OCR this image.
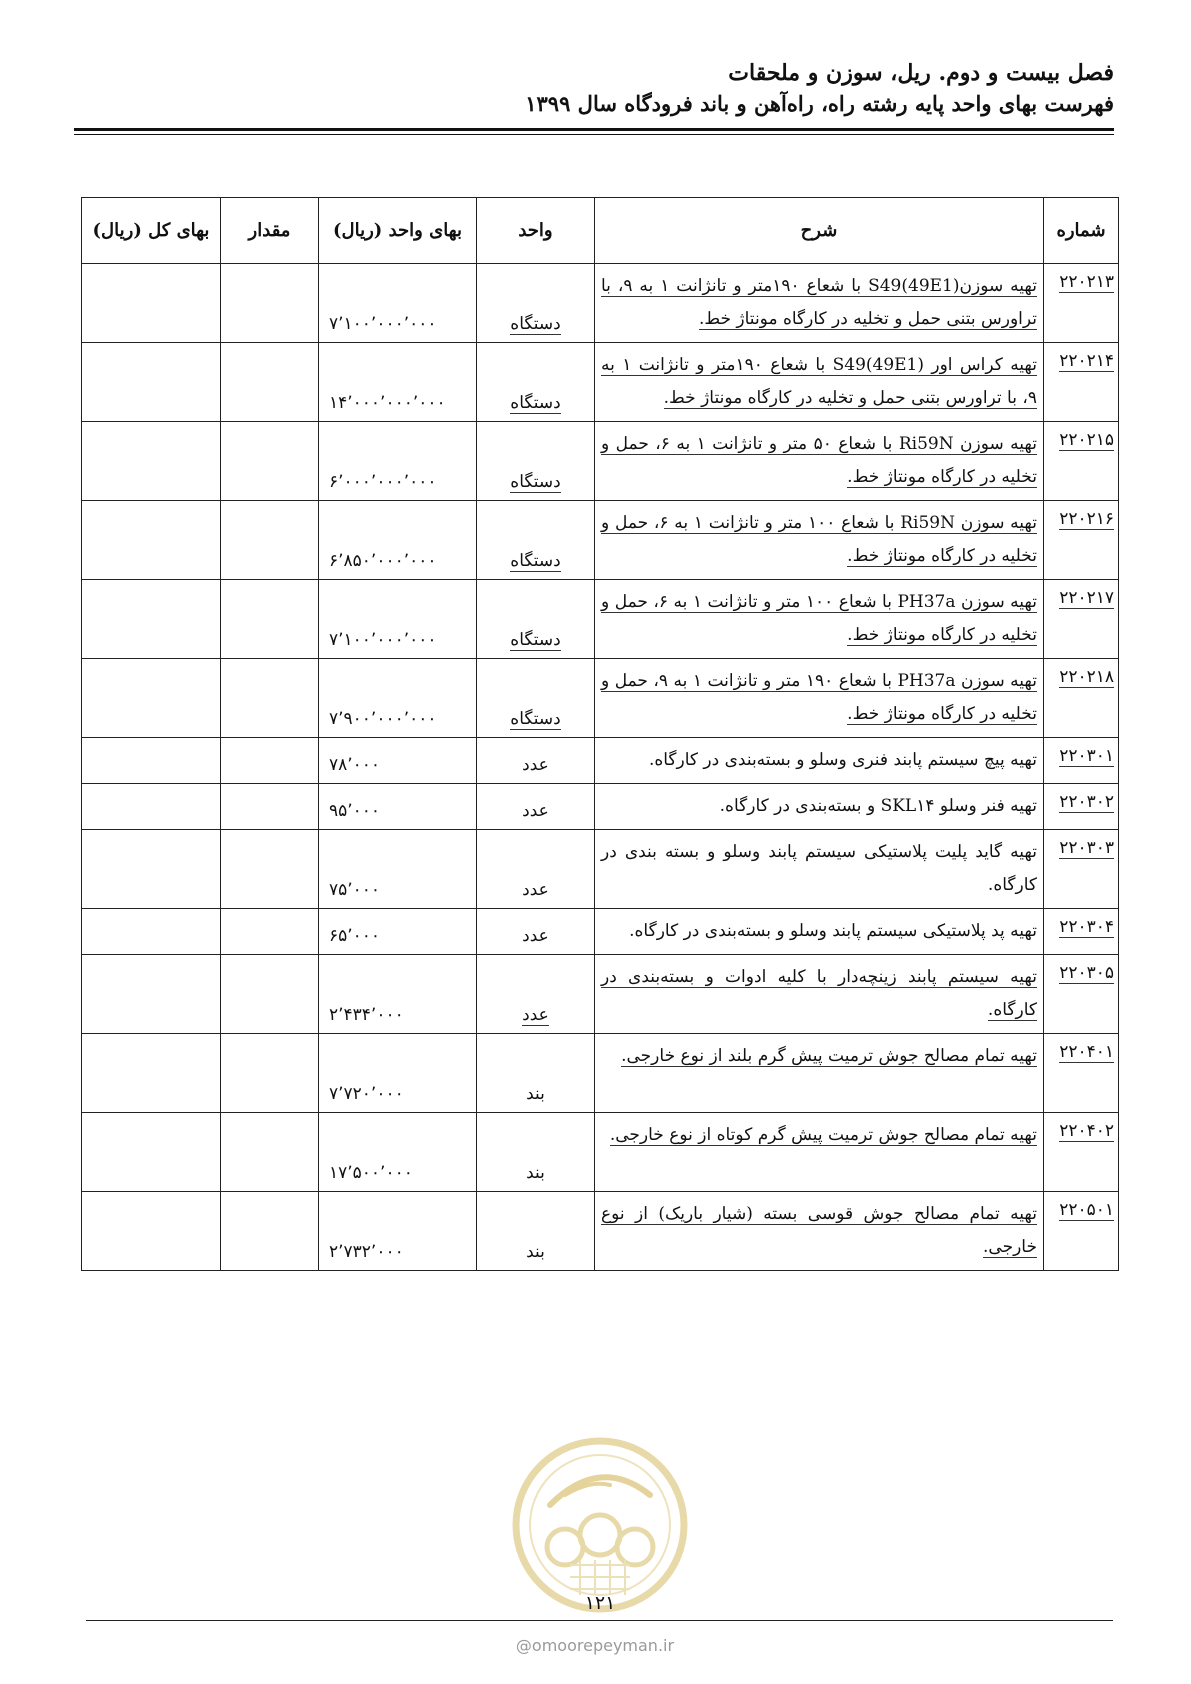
فصل بیست و دوم. ریل، سوزن و ملحقات
فهرست بهای واحد پایه رشته راه، راه‌آهن و باند فرودگاه سال ۱۳۹۹
شماره	شرح	واحد	بهای واحد (ریال)	مقدار	بهای کل (ریال)
۲۲۰۲۱۳	تهیه سوزن(S49(49E1 با شعاع ۱۹۰متر و تانژانت ۱ به ۹، با تراورس بتنی حمل و تخلیه در کارگاه مونتاژ خط.	دستگاه	۷٬۱۰۰٬۰۰۰٬۰۰۰		
۲۲۰۲۱۴	تهیه کراس اور (S49(49E1 با شعاع ۱۹۰متر و تانژانت ۱ به ۹، با تراورس بتنی حمل و تخلیه در کارگاه مونتاژ خط.	دستگاه	۱۴٬۰۰۰٬۰۰۰٬۰۰۰		
۲۲۰۲۱۵	تهیه سوزن Ri59N با شعاع ۵۰ متر و تانژانت ۱ به ۶، حمل و تخلیه در کارگاه مونتاژ خط.	دستگاه	۶٬۰۰۰٬۰۰۰٬۰۰۰		
۲۲۰۲۱۶	تهیه سوزن Ri59N با شعاع ۱۰۰ متر و تانژانت ۱ به ۶، حمل و تخلیه در کارگاه مونتاژ خط.	دستگاه	۶٬۸۵۰٬۰۰۰٬۰۰۰		
۲۲۰۲۱۷	تهیه سوزن PH37a با شعاع ۱۰۰ متر و تانژانت ۱ به ۶، حمل و تخلیه در کارگاه مونتاژ خط.	دستگاه	۷٬۱۰۰٬۰۰۰٬۰۰۰		
۲۲۰۲۱۸	تهیه سوزن PH37a با شعاع ۱۹۰ متر و تانژانت ۱ به ۹، حمل و تخلیه در کارگاه مونتاژ خط.	دستگاه	۷٬۹۰۰٬۰۰۰٬۰۰۰		
۲۲۰۳۰۱	تهیه پیچ سیستم پابند فنری وسلو و بسته‌بندی در کارگاه.	عدد	۷۸٬۰۰۰		
۲۲۰۳۰۲	تهیه فنر وسلو SKL۱۴ و بسته‌بندی در کارگاه.	عدد	۹۵٬۰۰۰		
۲۲۰۳۰۳	تهیه گاید پلیت پلاستیکی سیستم پابند وسلو و بسته بندی در کارگاه.	عدد	۷۵٬۰۰۰		
۲۲۰۳۰۴	تهیه پد پلاستیکی سیستم پابند وسلو و بسته‌بندی در کارگاه.	عدد	۶۵٬۰۰۰		
۲۲۰۳۰۵	تهیه سیستم پابند زینچه‌دار با کلیه ادوات و بسته‌بندی در کارگاه.	عدد	۲٬۴۳۴٬۰۰۰		
۲۲۰۴۰۱	تهیه تمام مصالح جوش ترمیت پیش گرم بلند از نوع خارجی.	بند	۷٬۷۲۰٬۰۰۰		
۲۲۰۴۰۲	تهیه تمام مصالح جوش ترمیت پیش گرم کوتاه از نوع خارجی.	بند	۱۷٬۵۰۰٬۰۰۰		
۲۲۰۵۰۱	تهیه تمام مصالح جوش قوسی بسته (شیار باریک) از نوع خارجی.	بند	۲٬۷۳۲٬۰۰۰		
۱۲۱
@omoorepeyman.ir
